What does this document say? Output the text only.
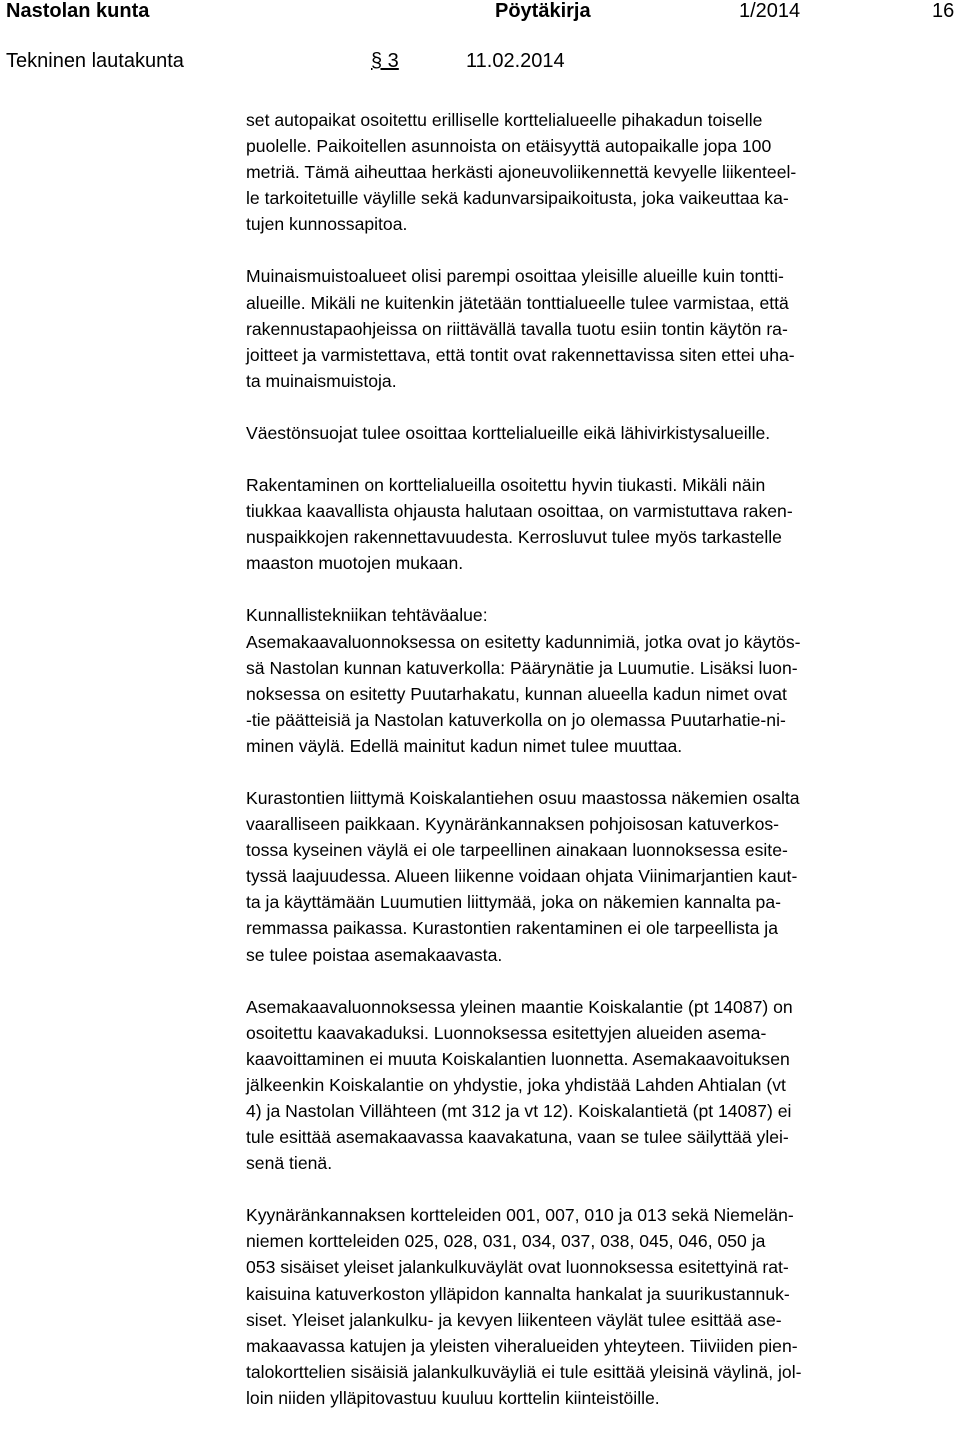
Nastolan kunta	Pöytäkirja	1/2014	16
Tekninen lautakunta	§ 3	11.02.2014
set autopaikat osoitettu erilliselle korttelialueelle pihakadun toiselle
puolelle. Paikoitellen asunnoista on etäisyyttä autopaikalle jopa 100
metriä. Tämä aiheuttaa herkästi ajoneuvoliikennettä kevyelle liikenteel-
le tarkoitetuille väylille sekä kadunvarsipaikoitusta, joka vaikeuttaa ka-
tujen kunnossapitoa.
Muinaismuistoalueet olisi parempi osoittaa yleisille alueille kuin tontti-
alueille. Mikäli ne kuitenkin jätetään tonttialueelle tulee varmistaa, että
rakennustapaohjeissa on riittävällä tavalla tuotu esiin tontin käytön ra-
joitteet ja varmistettava, että tontit ovat rakennettavissa siten ettei uha-
ta muinaismuistoja.
Väestönsuojat tulee osoittaa korttelialueille eikä lähivirkistysalueille.
Rakentaminen on korttelialueilla osoitettu hyvin tiukasti. Mikäli näin
tiukkaa kaavallista ohjausta halutaan osoittaa, on varmistuttava raken-
nuspaikkojen rakennettavuudesta. Kerrosluvut tulee myös tarkastelle
maaston muotojen mukaan.
Kunnallistekniikan tehtäväalue:
Asemakaavaluonnoksessa on esitetty kadunnimiä, jotka ovat jo käytös-
sä Nastolan kunnan katuverkolla: Päärynätie ja Luumutie. Lisäksi luon-
noksessa on esitetty Puutarhakatu, kunnan alueella kadun nimet ovat
-tie päätteisiä ja Nastolan katuverkolla on jo olemassa Puutarhatie-ni-
minen väylä. Edellä mainitut kadun nimet tulee muuttaa.
Kurastontien liittymä Koiskalantiehen osuu maastossa näkemien osalta
vaaralliseen paikkaan. Kyynäränkannaksen pohjoisosan katuverkos-
tossa kyseinen väylä ei ole tarpeellinen ainakaan luonnoksessa esite-
tyssä laajuudessa. Alueen liikenne voidaan ohjata Viinimarjantien kaut-
ta ja käyttämään Luumutien liittymää, joka on näkemien kannalta pa-
remmassa paikassa. Kurastontien rakentaminen ei ole tarpeellista ja
se tulee poistaa asemakaavasta.
Asemakaavaluonnoksessa yleinen maantie Koiskalantie (pt 14087) on
osoitettu kaavakaduksi. Luonnoksessa esitettyjen alueiden asema-
kaavoittaminen ei muuta Koiskalantien luonnetta. Asemakaavoituksen
jälkeenkin Koiskalantie on yhdystie, joka yhdistää Lahden Ahtialan (vt
4) ja Nastolan Villähteen (mt 312 ja vt 12). Koiskalantietä (pt 14087) ei
tule esittää asemakaavassa kaavakatuna, vaan se tulee säilyttää ylei-
senä tienä.
Kyynäränkannaksen kortteleiden 001, 007, 010 ja 013 sekä Niemelän-
niemen kortteleiden 025, 028, 031, 034, 037, 038, 045, 046, 050 ja
053 sisäiset yleiset jalankulkuväylät ovat luonnoksessa esitettyinä rat-
kaisuina katuverkoston ylläpidon kannalta hankalat ja suurikustannuk-
siset. Yleiset jalankulku- ja kevyen liikenteen väylät tulee esittää ase-
makaavassa katujen ja yleisten viheralueiden yhteyteen. Tiiviiden pien-
talokorttelien sisäisiä jalankulkuväyliä ei tule esittää yleisinä väylinä, jol-
loin niiden ylläpitovastuu kuuluu korttelin kiinteistöille.
